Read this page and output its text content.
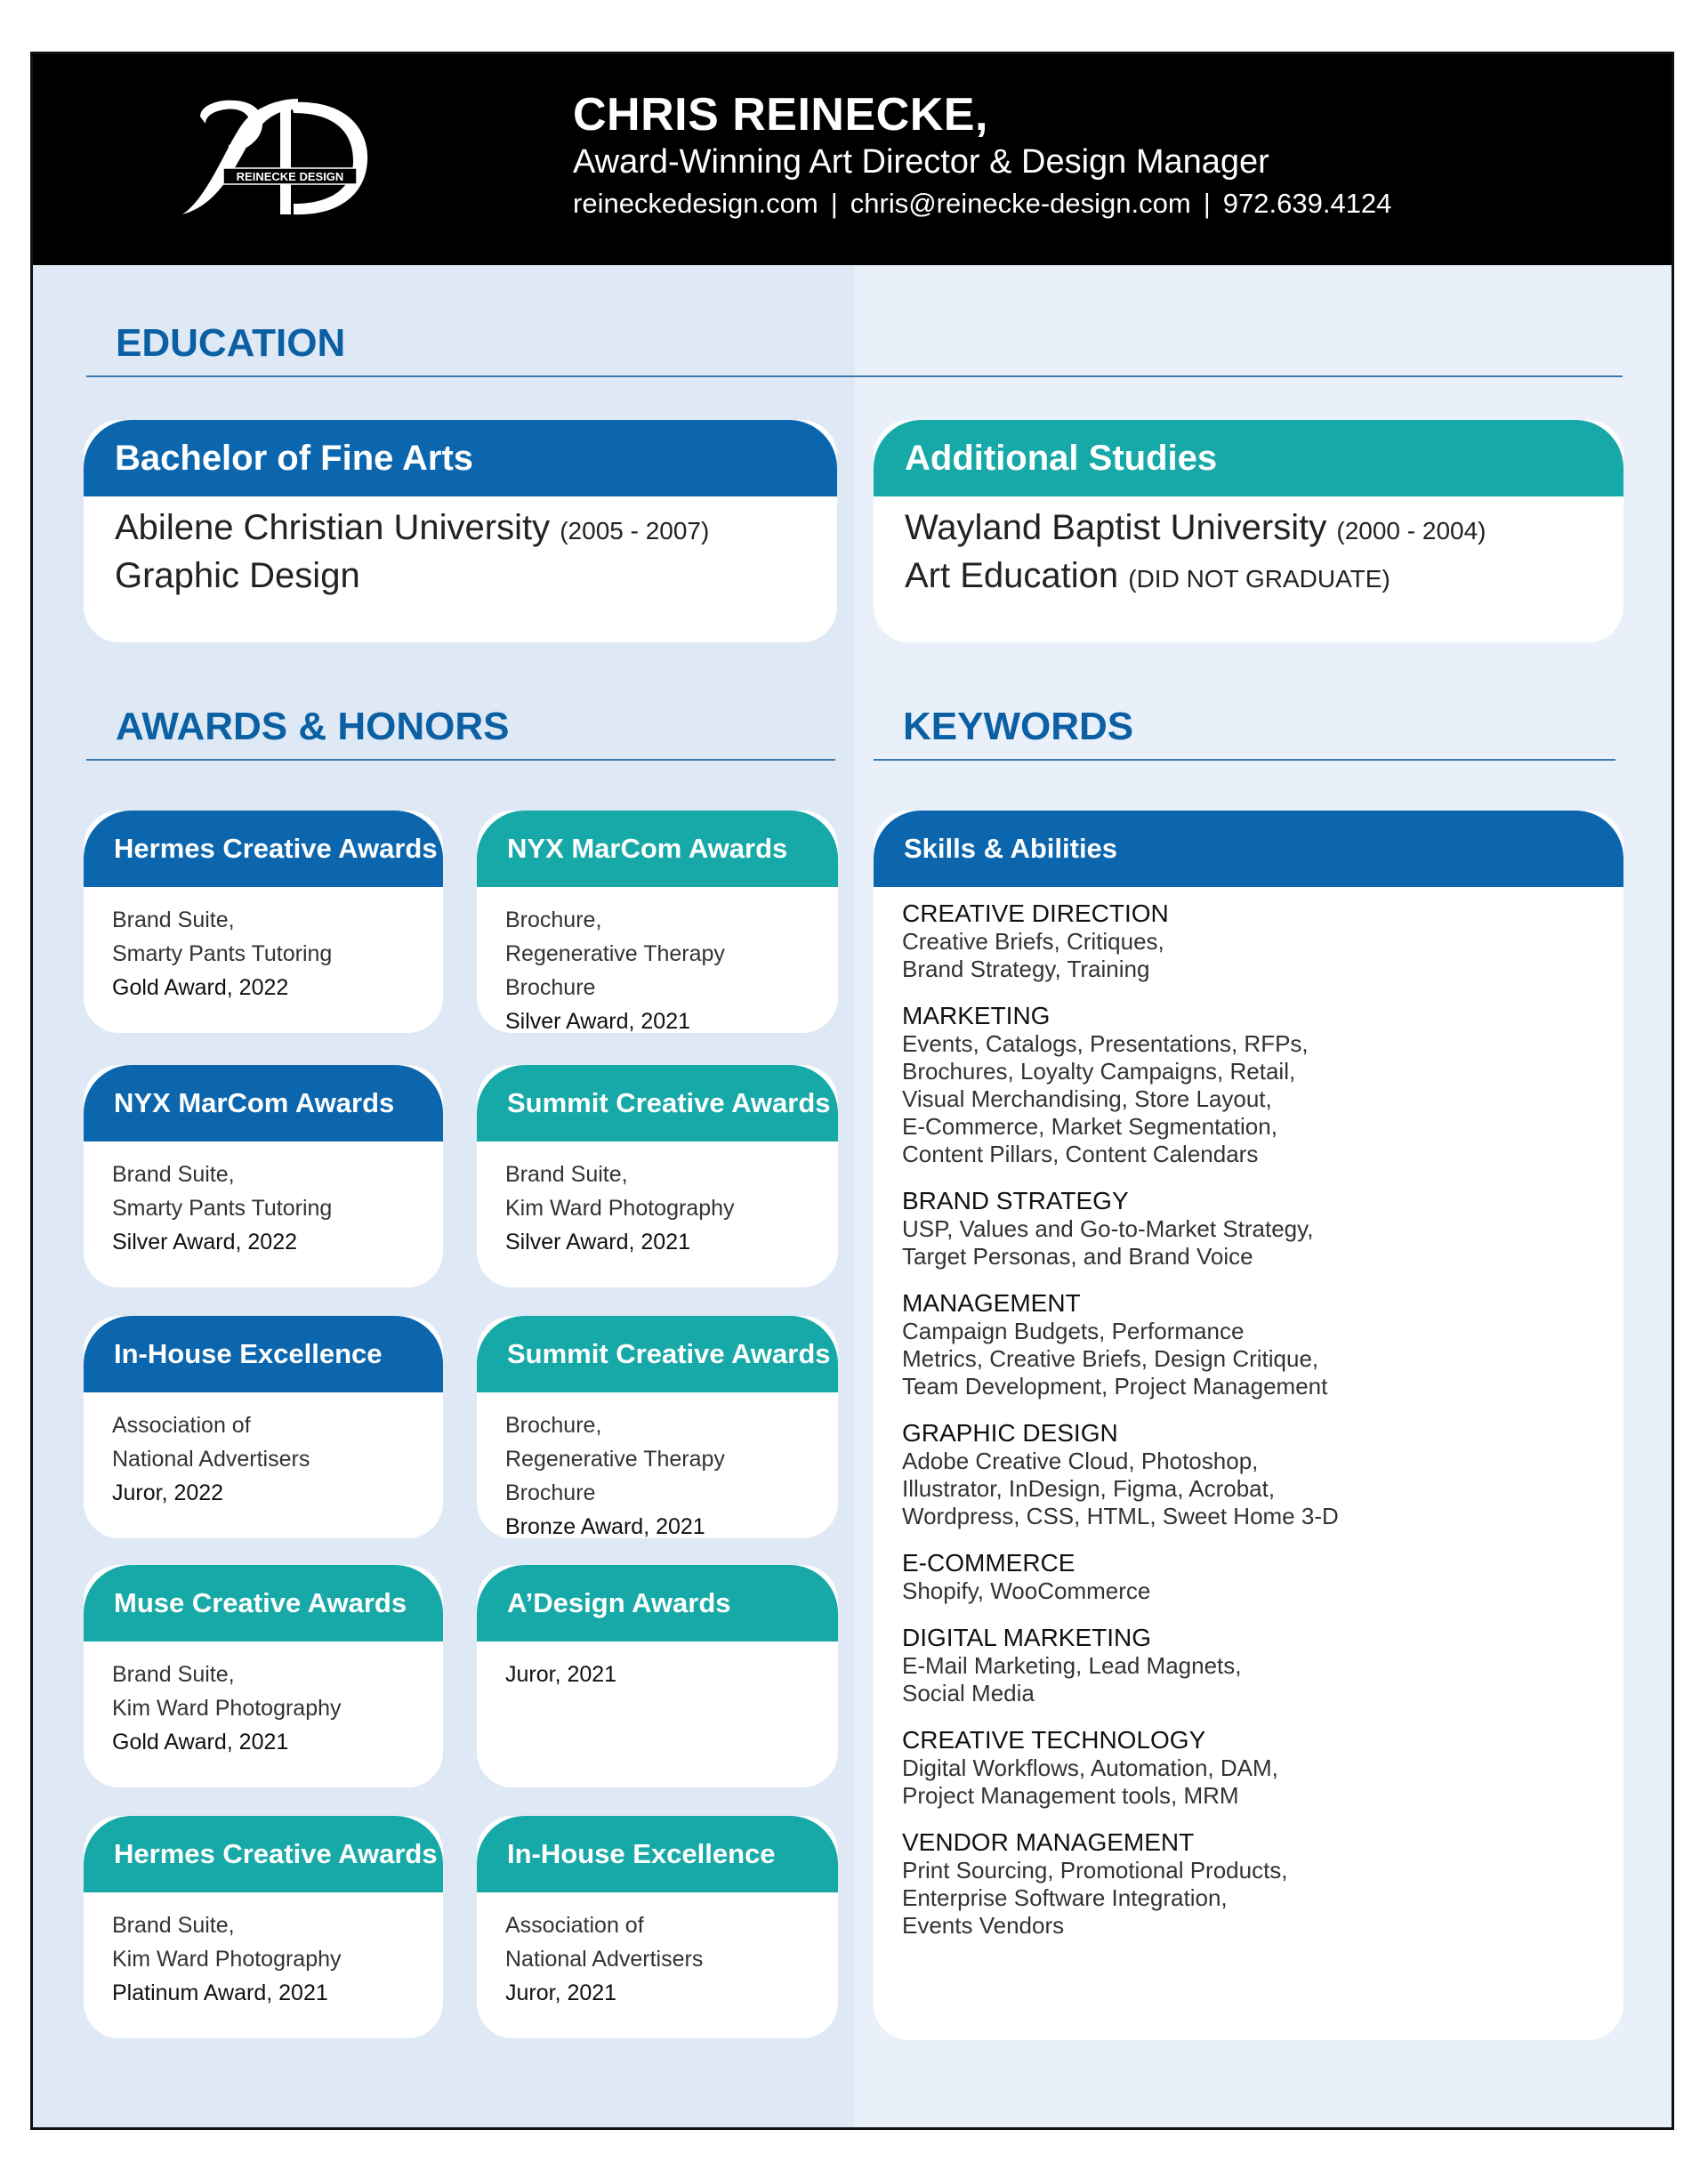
REINECKE DESIGN
CHRIS REINECKE,
Award-Winning Art Director & Design Manager
reineckedesign.com | chris@reinecke-design.com | 972.639.4124
EDUCATION
Bachelor of Fine Arts
Abilene Christian University (2005 - 2007)
Graphic Design
Additional Studies
Wayland Baptist University (2000 - 2004)
Art Education (DID NOT GRADUATE)
AWARDS & HONORS
Hermes Creative Awards
Brand Suite,
Smarty Pants Tutoring
Gold Award, 2022
NYX MarCom Awards
Brochure,
Regenerative Therapy Brochure
Silver Award, 2021
NYX MarCom Awards
Brand Suite,
Smarty Pants Tutoring
Silver Award, 2022
Summit Creative Awards
Brand Suite,
Kim Ward Photography
Silver Award, 2021
In-House Excellence
Association of
National Advertisers
Juror, 2022
Summit Creative Awards
Brochure,
Regenerative Therapy Brochure
Bronze Award, 2021
Muse Creative Awards
Brand Suite,
Kim Ward Photography
Gold Award, 2021
A’Design Awards
Juror, 2021
Hermes Creative Awards
Brand Suite,
Kim Ward Photography
Platinum Award, 2021
In-House Excellence
Association of
National Advertisers
Juror, 2021
KEYWORDS
Skills & Abilities
CREATIVE DIRECTION
Creative Briefs, Critiques,
Brand Strategy, Training
MARKETING
Events, Catalogs, Presentations, RFPs,
Brochures, Loyalty Campaigns, Retail,
Visual Merchandising, Store Layout,
E-Commerce, Market Segmentation,
Content Pillars, Content Calendars
BRAND STRATEGY
USP, Values and Go-to-Market Strategy,
Target Personas, and Brand Voice
MANAGEMENT
Campaign Budgets, Performance
Metrics, Creative Briefs, Design Critique,
Team Development, Project Management
GRAPHIC DESIGN
Adobe Creative Cloud, Photoshop,
Illustrator, InDesign, Figma, Acrobat,
Wordpress, CSS, HTML, Sweet Home 3-D
E-COMMERCE
Shopify, WooCommerce
DIGITAL MARKETING
E-Mail Marketing, Lead Magnets,
Social Media
CREATIVE TECHNOLOGY
Digital Workflows, Automation, DAM,
Project Management tools, MRM
VENDOR MANAGEMENT
Print Sourcing, Promotional Products,
Enterprise Software Integration,
Events Vendors
